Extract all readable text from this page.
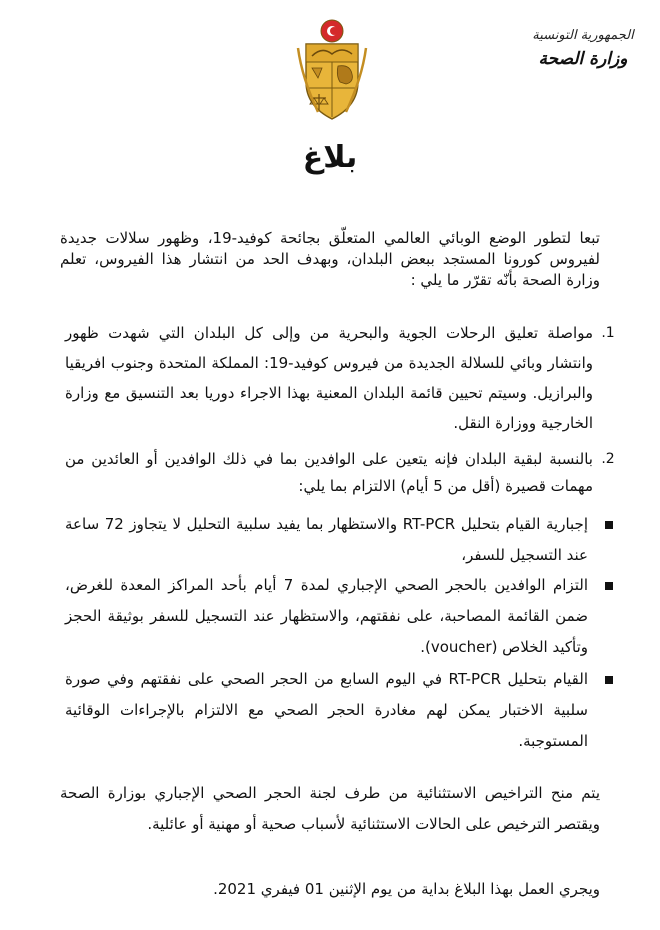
الجمهورية التونسية
وزارة الصحة
بلاغ
تبعا لتطور الوضع الوبائي العالمي المتعلّق بجائحة كوفيد-19، وظهور سلالات جديدة لفيروس كورونا المستجد ببعض البلدان، وبهدف الحد من انتشار هذا الفيروس، تعلم وزارة الصحة بأنّه تقرّر ما يلي :
1.
مواصلة تعليق الرحلات الجوية والبحرية من وإلى كل البلدان التي شهدت ظهور وانتشار وبائي للسلالة الجديدة من فيروس كوفيد-19: المملكة المتحدة وجنوب افريقيا والبرازيل. وسيتم تحيين قائمة البلدان المعنية بهذا الاجراء دوريا بعد التنسيق مع وزارة الخارجية ووزارة النقل.
2.
بالنسبة لبقية البلدان فإنه يتعين على الوافدين بما في ذلك الوافدين أو العائدين من مهمات قصيرة (أقل من 5 أيام) الالتزام بما يلي:
إجبارية القيام بتحليل RT-PCR والاستظهار بما يفيد سلبية التحليل لا يتجاوز 72 ساعة عند التسجيل للسفر،
التزام الوافدين بالحجر الصحي الإجباري لمدة 7 أيام بأحد المراكز المعدة للغرض، ضمن القائمة المصاحبة، على نفقتهم، والاستظهار عند التسجيل للسفر بوثيقة الحجز وتأكيد الخلاص (voucher).
القيام بتحليل RT-PCR في اليوم السابع من الحجر الصحي على نفقتهم وفي صورة سلبية الاختبار يمكن لهم مغادرة الحجر الصحي مع الالتزام بالإجراءات الوقائية المستوجبة.
يتم منح التراخيص الاستثنائية من طرف لجنة الحجر الصحي الإجباري بوزارة الصحة ويقتصر الترخيص على الحالات الاستثنائية لأسباب صحية أو مهنية أو عائلية.
ويجري العمل بهذا البلاغ بداية من يوم الإثنين 01 فيفري 2021.
